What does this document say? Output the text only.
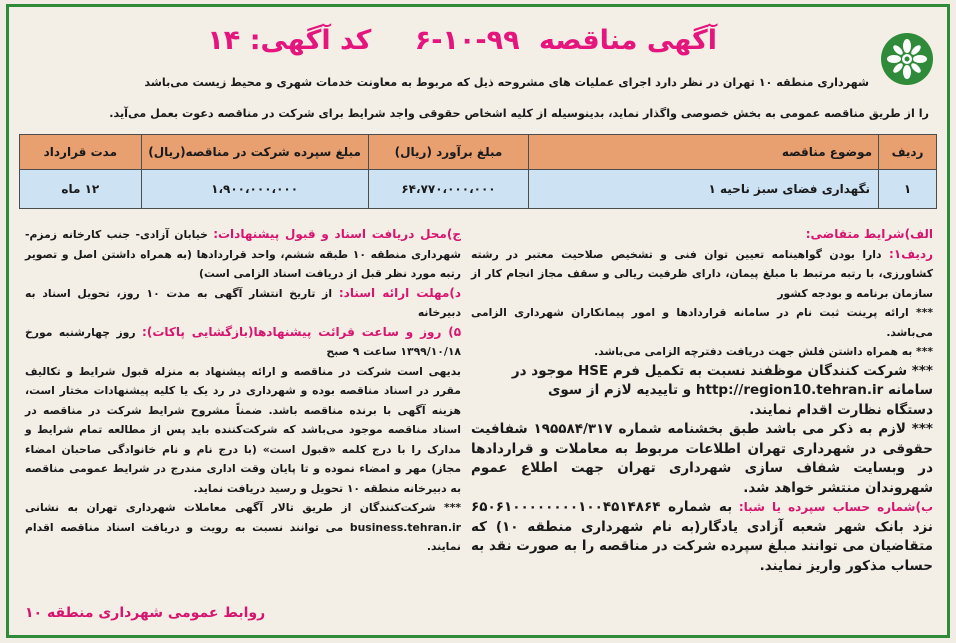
آگهی مناقصه ۹۹-۱۰-۶ کد آگهی: ۱۴
شهرداری منطقه ۱۰ تهران در نظر دارد اجرای عملیات های مشروحه ذیل که مربوط به معاونت خدمات شهری و محیط زیست می‌باشد
را از طریق مناقصه عمومی به بخش خصوصی واگذار نماید، بدینوسیله از کلیه اشخاص حقوقی واجد شرایط برای شرکت در مناقصه دعوت بعمل می‌آید.
ردیف	موضوع مناقصه	مبلغ برآورد (ریال)	مبلغ سپرده شرکت در مناقصه(ریال)	مدت قرارداد
۱	نگهداری فضای سبز ناحیه ۱	۶۴،۷۷۰،۰۰۰،۰۰۰	۱،۹۰۰،۰۰۰،۰۰۰	۱۲ ماه
الف)شرایط متقاضی:
ردیف۱: دارا بودن گواهینامه تعیین توان فنی و تشخیص صلاحیت معتبر در رشته کشاورزی، با رتبه مرتبط با مبلغ پیمان، دارای ظرفیت ریالی و سقف مجاز انجام کار از سازمان برنامه و بودجه کشور
*** ارائه پرینت ثبت نام در سامانه قراردادها و امور پیمانکاران شهرداری الزامی می‌باشد.
*** به همراه داشتن فلش جهت دریافت دفترچه الزامی می‌باشد.
*** شرکت کنندگان موظفند نسبت به تکمیل فرم HSE موجود در
سامانه http://region10.tehran.ir و تاییدیه لازم از سوی
دستگاه نظارت اقدام نمایند.
*** لازم به ذکر می باشد طبق بخشنامه شماره ۱۹۵۵۸۴/۳۱۷ شفافیت حقوقی در شهرداری تهران اطلاعات مربوط به معاملات و قراردادها در وبسایت شفاف سازی شهرداری تهران جهت اطلاع عموم شهروندان منتشر خواهد شد.
ب)شماره حساب سپرده یا شبا: به شماره ۶۵۰۶۱۰۰۰۰۰۰۰۰۱۰۰۴۵۱۴۸۶۴ نزد بانک شهر شعبه آزادی یادگار(به نام شهرداری منطقه ۱۰) که متقاضیان می توانند مبلغ سپرده شرکت در مناقصه را به صورت نقد به حساب مذکور واریز نمایند.
ج)محل دریافت اسناد و قبول پیشنهادات: خیابان آزادی- جنب کارخانه زمزم- شهرداری منطقه ۱۰ طبقه ششم، واحد قراردادها (به همراه داشتن اصل و تصویر رتبه مورد نظر قبل از دریافت اسناد الزامی است)
د)مهلت ارائه اسناد: از تاریخ انتشار آگهی به مدت ۱۰ روز، تحویل اسناد به دبیرخانه
۵) روز و ساعت قرائت پیشنهادها(بازگشایی پاکات): روز چهارشنبه مورخ ۱۳۹۹/۱۰/۱۸ ساعت ۹ صبح
بدیهی است شرکت در مناقصه و ارائه پیشنهاد به منزله قبول شرایط و تکالیف مقرر در اسناد مناقصه بوده و شهرداری در رد یک یا کلیه پیشنهادات مختار است، هزینه آگهی با برنده مناقصه باشد. ضمناً مشروح شرایط شرکت در مناقصه در اسناد مناقصه موجود می‌باشد که شرکت‌کننده باید پس از مطالعه تمام شرایط و مدارک را با درج کلمه «قبول است» (با درج نام و نام خانوادگی صاحبان امضاء مجاز) مهر و امضاء نموده و تا پایان وقت اداری مندرج در شرایط عمومی مناقصه به دبیرخانه منطقه ۱۰ تحویل و رسید دریافت نماید.
*** شرکت‌کنندگان از طریق تالار آگهی معاملات شهرداری تهران به نشانی business.tehran.ir می توانند نسبت به رویت و دریافت اسناد مناقصه اقدام نمایند.
روابط عمومی شهرداری منطقه ۱۰
